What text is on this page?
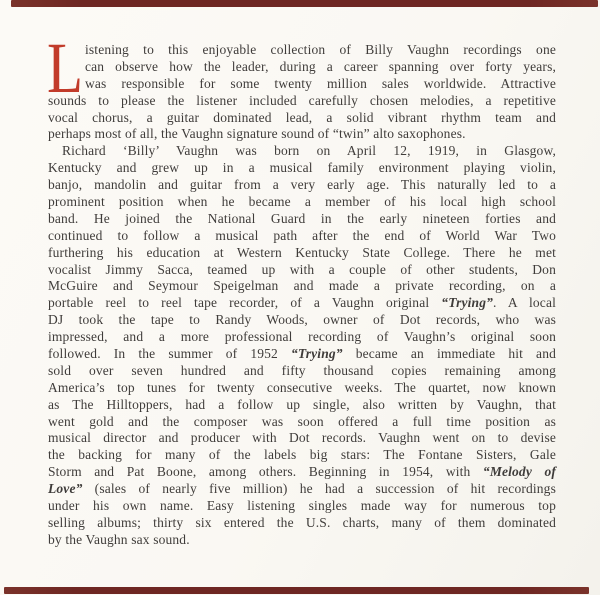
L istening to this enjoyable collection of Billy Vaughn recordings one
can observe how the leader, during a career spanning over forty years,
was responsible for some twenty million sales worldwide. Attractive
sounds to please the listener included carefully chosen melodies, a repetitive
vocal chorus, a guitar dominated lead, a solid vibrant rhythm team and
perhaps most of all, the Vaughn signature sound of “twin” alto saxophones.
Richard ‘Billy’ Vaughn was born on April 12, 1919, in Glasgow,
Kentucky and grew up in a musical family environment playing violin,
banjo, mandolin and guitar from a very early age. This naturally led to a
prominent position when he became a member of his local high school
band. He joined the National Guard in the early nineteen forties and
continued to follow a musical path after the end of World War Two
furthering his education at Western Kentucky State College. There he met
vocalist Jimmy Sacca, teamed up with a couple of other students, Don
McGuire and Seymour Speigelman and made a private recording, on a
portable reel to reel tape recorder, of a Vaughn original “Trying”. A local
DJ took the tape to Randy Woods, owner of Dot records, who was
impressed, and a more professional recording of Vaughn’s original soon
followed. In the summer of 1952 “Trying” became an immediate hit and
sold over seven hundred and fifty thousand copies remaining among
America’s top tunes for twenty consecutive weeks. The quartet, now known
as The Hilltoppers, had a follow up single, also written by Vaughn, that
went gold and the composer was soon offered a full time position as
musical director and producer with Dot records. Vaughn went on to devise
the backing for many of the labels big stars: The Fontane Sisters, Gale
Storm and Pat Boone, among others. Beginning in 1954, with “Melody of
Love” (sales of nearly five million) he had a succession of hit recordings
under his own name. Easy listening singles made way for numerous top
selling albums; thirty six entered the U.S. charts, many of them dominated
by the Vaughn sax sound.
